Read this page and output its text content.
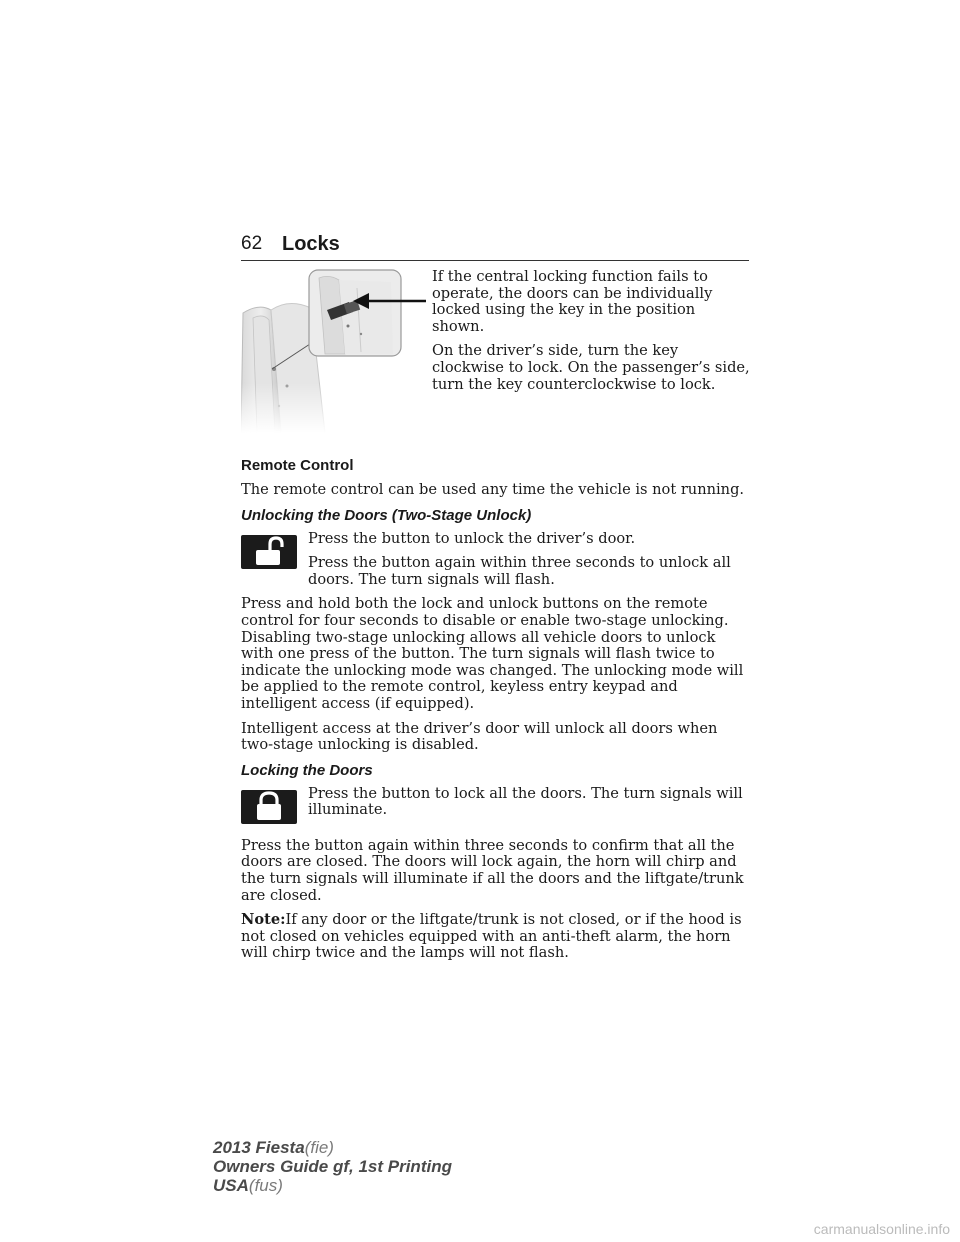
62 Locks

If the central locking function fails to operate, the doors can be individually locked using the key in the position shown.

On the driver’s side, turn the key clockwise to lock. On the passenger’s side, turn the key counterclockwise to lock.

Remote Control

The remote control can be used any time the vehicle is not running.

Unlocking the Doors (Two-Stage Unlock)

Press the button to unlock the driver’s door.

Press the button again within three seconds to unlock all doors. The turn signals will flash.

Press and hold both the lock and unlock buttons on the remote control for four seconds to disable or enable two-stage unlocking. Disabling two-stage unlocking allows all vehicle doors to unlock with one press of the button. The turn signals will flash twice to indicate the unlocking mode was changed. The unlocking mode will be applied to the remote control, keyless entry keypad and intelligent access (if equipped).

Intelligent access at the driver’s door will unlock all doors when two-stage unlocking is disabled.

Locking the Doors

Press the button to lock all the doors. The turn signals will illuminate.

Press the button again within three seconds to confirm that all the doors are closed. The doors will lock again, the horn will chirp and the turn signals will illuminate if all the doors and the liftgate/trunk are closed.

Note:If any door or the liftgate/trunk is not closed, or if the hood is not closed on vehicles equipped with an anti-theft alarm, the horn will chirp twice and the lamps will not flash.

2013 Fiesta(fie)
Owners Guide gf, 1st Printing
USA(fus)
carmanualsonline.info
